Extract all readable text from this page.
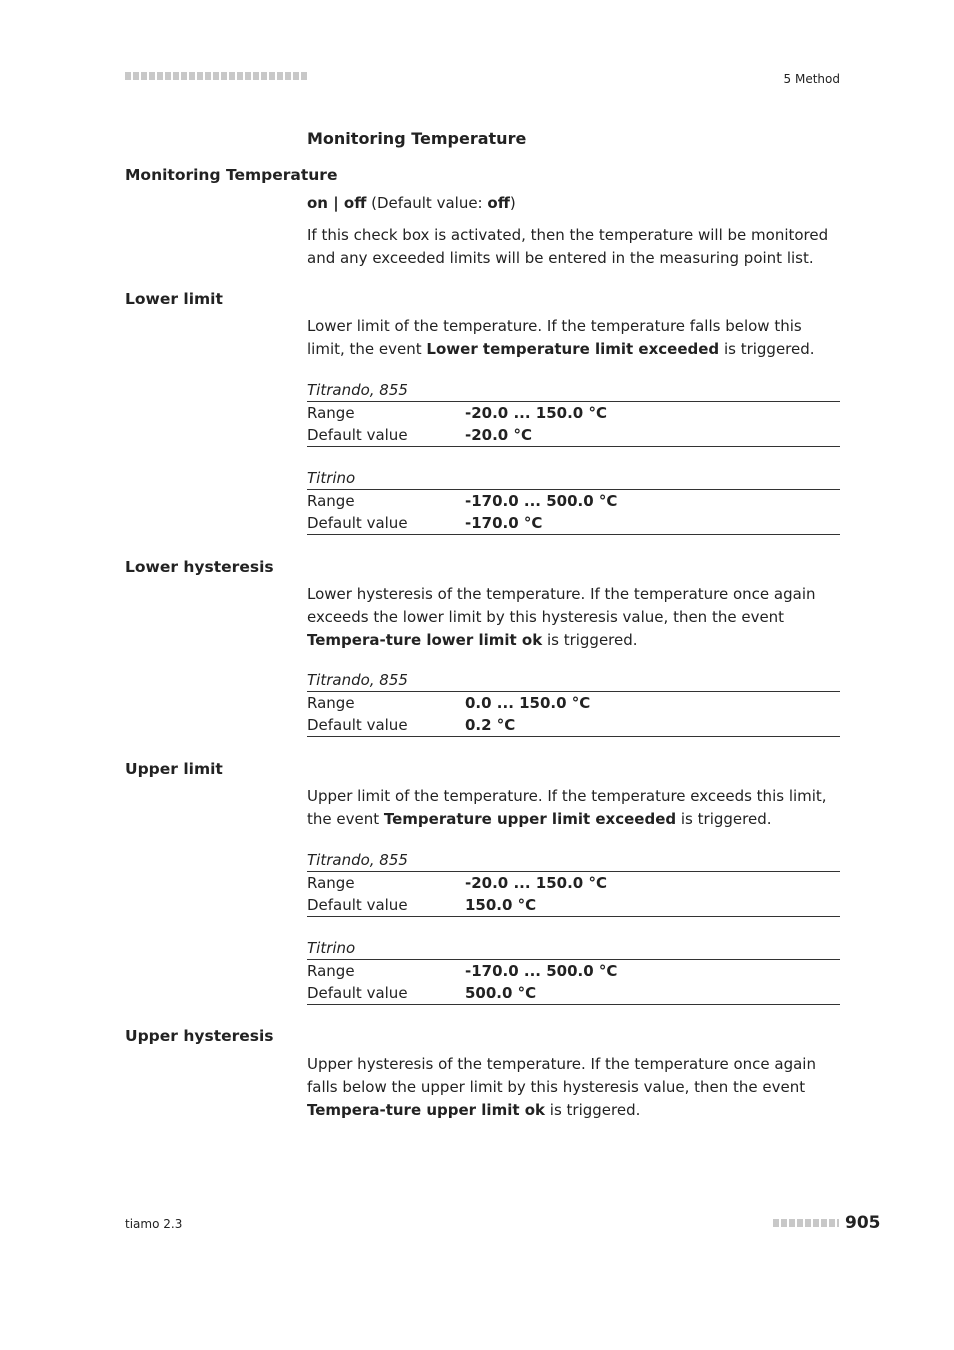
5 Method
Monitoring Temperature
Monitoring Temperature
on | off (Default value: off)
If this check box is activated, then the temperature will be monitored and any exceeded limits will be entered in the measuring point list.
Lower limit
Lower limit of the temperature. If the temperature falls below this limit, the event Lower temperature limit exceeded is triggered.
Titrando, 855
Range	-20.0 ... 150.0 °C
Default value	-20.0 °C
Titrino
Range	-170.0 ... 500.0 °C
Default value	-170.0 °C
Lower hysteresis
Lower hysteresis of the temperature. If the temperature once again exceeds the lower limit by this hysteresis value, then the event Tempera-ture lower limit ok is triggered.
Titrando, 855
Range	0.0 ... 150.0 °C
Default value	0.2 °C
Upper limit
Upper limit of the temperature. If the temperature exceeds this limit, the event Temperature upper limit exceeded is triggered.
Titrando, 855
Range	-20.0 ... 150.0 °C
Default value	150.0 °C
Titrino
Range	-170.0 ... 500.0 °C
Default value	500.0 °C
Upper hysteresis
Upper hysteresis of the temperature. If the temperature once again falls below the upper limit by this hysteresis value, then the event Tempera-ture upper limit ok is triggered.
tiamo 2.3	905
